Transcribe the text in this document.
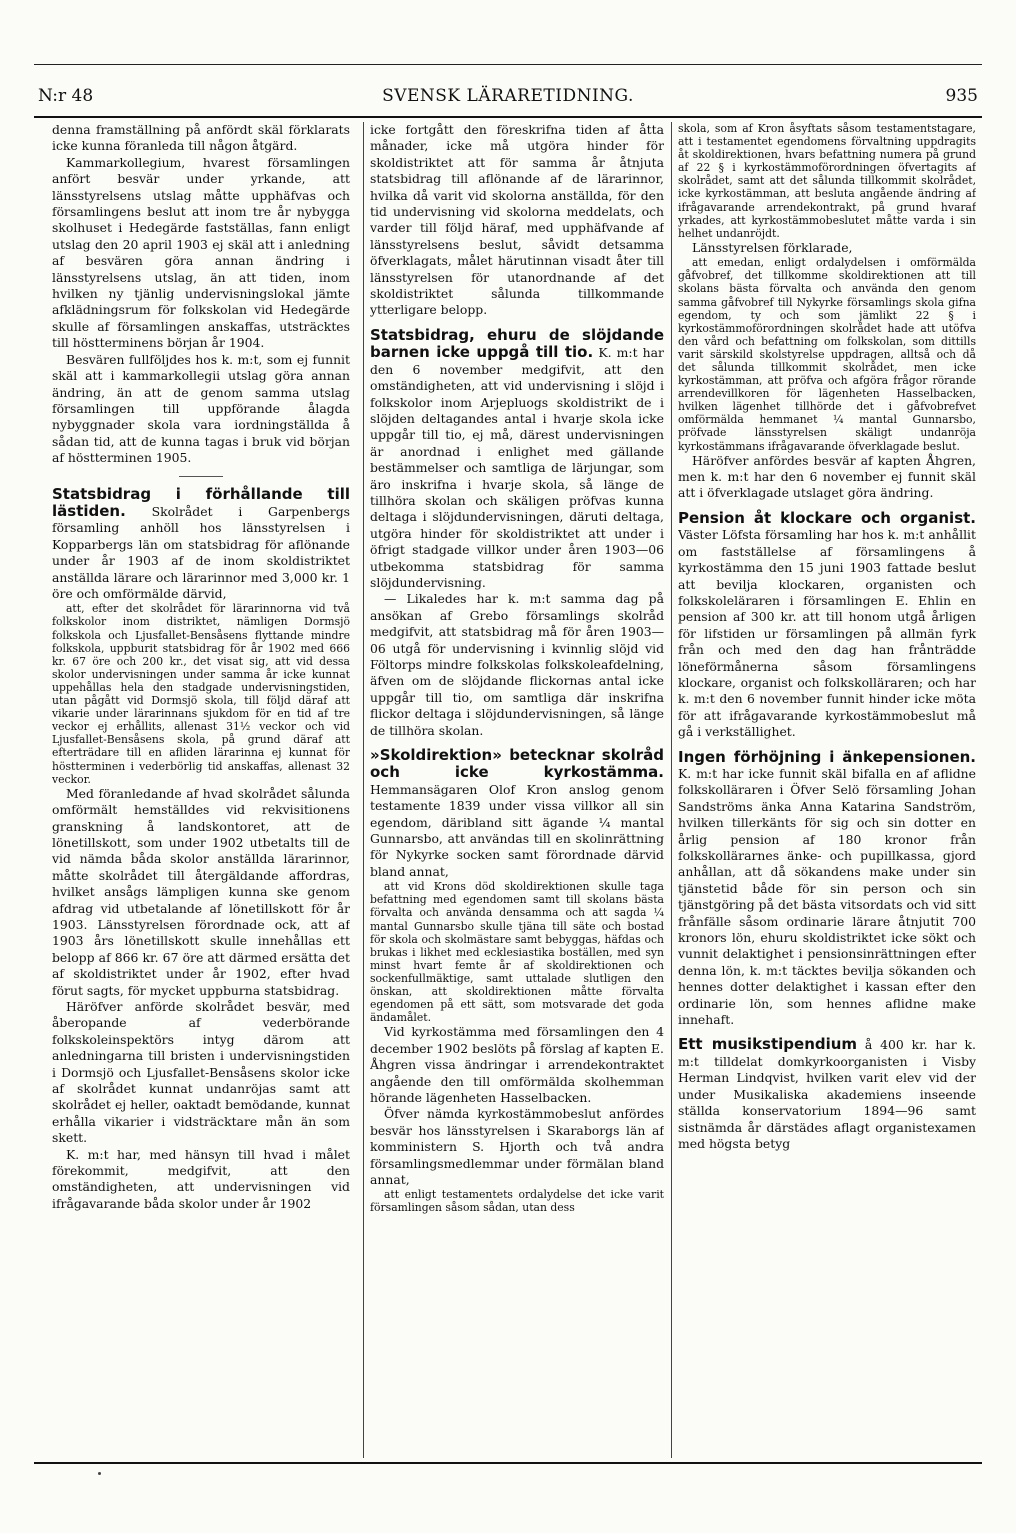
N:r 48	SVENSK LÄRARETIDNING.	935

denna framställning på anfördt skäl förklarats icke kunna föranleda till någon åtgärd.

Kammarkollegium, hvarest församlingen anfört besvär under yrkande, att länsstyrelsens utslag måtte upphäfvas och församlingens beslut att inom tre år nybygga skolhuset i Hedegärde fastställas, fann enligt utslag den 20 april 1903 ej skäl att i anledning af besvären göra annan ändring i länsstyrelsens utslag, än att tiden, inom hvilken ny tjänlig undervisningslokal jämte afklädningsrum för folkskolan vid Hedegärde skulle af församlingen anskaffas, utsträcktes till höstterminens början år 1904.

Besvären fullföljdes hos k. m:t, som ej funnit skäl att i kammarkollegii utslag göra annan ändring, än att de genom samma utslag församlingen till uppförande ålagda nybyggnader skola vara iordningställda å sådan tid, att de kunna tagas i bruk vid början af höstterminen 1905.

Statsbidrag i förhållande till lästiden. Skolrådet i Garpenbergs församling anhöll hos länsstyrelsen i Kopparbergs län om statsbidrag för aflönande under år 1903 af de inom skoldistriktet anställda lärare och lärarinnor med 3,000 kr. 1 öre och omförmälde därvid,

att, efter det skolrådet för lärarinnorna vid två folkskolor inom distriktet, nämligen Dormsjö folkskola och Ljusfallet-Bensåsens flyttande mindre folkskola, uppburit statsbidrag för år 1902 med 666 kr. 67 öre och 200 kr., det visat sig, att vid dessa skolor undervisningen under samma år icke kunnat uppehållas hela den stadgade undervisningstiden, utan pågått vid Dormsjö skola, till följd däraf att vikarie under lärarinnans sjukdom för en tid af tre veckor ej erhållits, allenast 31½ veckor och vid Ljusfallet-Bensåsens skola, på grund däraf att efterträdare till en afliden lärarinna ej kunnat för höstterminen i vederbörlig tid anskaffas, allenast 32 veckor.

Med föranledande af hvad skolrådet sålunda omförmält hemställdes vid rekvisitionens granskning å landskontoret, att de lönetillskott, som under 1902 utbetalts till de vid nämda båda skolor anställda lärarinnor, måtte skolrådet till återgäldande affordras, hvilket ansågs lämpligen kunna ske genom afdrag vid utbetalande af lönetillskott för år 1903. Länsstyrelsen förordnade ock, att af 1903 års lönetillskott skulle innehållas ett belopp af 866 kr. 67 öre att därmed ersätta det af skoldistriktet under år 1902, efter hvad förut sagts, för mycket uppburna statsbidrag.

Häröfver anförde skolrådet besvär, med åberopande af vederbörande folkskoleinspektörs intyg därom att anledningarna till bristen i undervisningstiden i Dormsjö och Ljusfallet-Bensåsens skolor icke af skolrådet kunnat undanröjas samt att skolrådet ej heller, oaktadt bemödande, kunnat erhålla vikarier i vidsträcktare mån än som skett.

K. m:t har, med hänsyn till hvad i målet förekommit, medgifvit, att den omständigheten, att undervisningen vid ifrågavarande båda skolor under år 1902

icke fortgått den föreskrifna tiden af åtta månader, icke må utgöra hinder för skoldistriktet att för samma år åtnjuta statsbidrag till aflönande af de lärarinnor, hvilka då varit vid skolorna anställda, för den tid undervisning vid skolorna meddelats, och varder till följd häraf, med upphäfvande af länsstyrelsens beslut, såvidt detsamma öfverklagats, målet härutinnan visadt åter till länsstyrelsen för utanordnande af det skoldistriktet sålunda tillkommande ytterligare belopp.

Statsbidrag, ehuru de slöjdande barnen icke uppgå till tio. K. m:t har den 6 november medgifvit, att den omständigheten, att vid undervisning i slöjd i folkskolor inom Arjepluogs skoldistrikt de i slöjden deltagandes antal i hvarje skola icke uppgår till tio, ej må, därest undervisningen är anordnad i enlighet med gällande bestämmelser och samtliga de lärjungar, som äro inskrifna i hvarje skola, så länge de tillhöra skolan och skäligen pröfvas kunna deltaga i slöjdundervisningen, däruti deltaga, utgöra hinder för skoldistriktet att under i öfrigt stadgade villkor under åren 1903—06 utbekomma statsbidrag för samma slöjdundervisning.

— Likaledes har k. m:t samma dag på ansökan af Grebo församlings skolråd medgifvit, att statsbidrag må för åren 1903—06 utgå för undervisning i kvinnlig slöjd vid Föltorps mindre folkskolas folkskoleafdelning, äfven om de slöjdande flickornas antal icke uppgår till tio, om samtliga där inskrifna flickor deltaga i slöjdundervisningen, så länge de tillhöra skolan.

»Skoldirektion» betecknar skolråd och icke kyrkostämma. Hemmansägaren Olof Kron anslog genom testamente 1839 under vissa villkor all sin egendom, däribland sitt ägande ¼ mantal Gunnarsbo, att användas till en skolinrättning för Nykyrke socken samt förordnade därvid bland annat,

att vid Krons död skoldirektionen skulle taga befattning med egendomen samt till skolans bästa förvalta och använda densamma och att sagda ¼ mantal Gunnarsbo skulle tjäna till säte och bostad för skola och skolmästare samt bebyggas, häfdas och brukas i likhet med ecklesiastika boställen, med syn minst hvart femte år af skoldirektionen och sockenfullmäktige, samt uttalade slutligen den önskan, att skoldirektionen måtte förvalta egendomen på ett sätt, som motsvarade det goda ändamålet.

Vid kyrkostämma med församlingen den 4 december 1902 beslöts på förslag af kapten E. Åhgren vissa ändringar i arrendekontraktet angående den till omförmälda skolhemman hörande lägenheten Hasselbacken.

Öfver nämda kyrkostämmobeslut anfördes besvär hos länsstyrelsen i Skaraborgs län af komministern S. Hjorth och två andra församlingsmedlemmar under förmälan bland annat,

att enligt testamentets ordalydelse det icke varit församlingen såsom sådan, utan dess

skola, som af Kron åsyftats såsom testamentstagare, att i testamentet egendomens förvaltning uppdragits åt skoldirektionen, hvars befattning numera på grund af 22 § i kyrkostämmoförordningen öfvertagits af skolrådet, samt att det sålunda tillkommit skolrådet, icke kyrkostämman, att besluta angående ändring af ifrågavarande arrendekontrakt, på grund hvaraf yrkades, att kyrkostämmobeslutet måtte varda i sin helhet undanröjdt.

Länsstyrelsen förklarade,

att emedan, enligt ordalydelsen i omförmälda gåfvobref, det tillkomme skoldirektionen att till skolans bästa förvalta och använda den genom samma gåfvobref till Nykyrke församlings skola gifna egendom, ty och som jämlikt 22 § i kyrkostämmoförordningen skolrådet hade att utöfva den vård och befattning om folkskolan, som dittills varit särskild skolstyrelse uppdragen, alltså och då det sålunda tillkommit skolrådet, men icke kyrkostämman, att pröfva och afgöra frågor rörande arrendevillkoren för lägenheten Hasselbacken, hvilken lägenhet tillhörde det i gåfvobrefvet omförmälda hemmanet ¼ mantal Gunnarsbo, pröfvade länsstyrelsen skäligt undanröja kyrkostämmans ifrågavarande öfverklagade beslut.

Häröfver anfördes besvär af kapten Åhgren, men k. m:t har den 6 november ej funnit skäl att i öfverklagade utslaget göra ändring.

Pension åt klockare och organist. Väster Löfsta församling har hos k. m:t anhållit om fastställelse af församlingens å kyrkostämma den 15 juni 1903 fattade beslut att bevilja klockaren, organisten och folkskoleläraren i församlingen E. Ehlin en pension af 300 kr. att till honom utgå årligen för lifstiden ur församlingen på allmän fyrk från och med den dag han frånträdde löneförmånerna såsom församlingens klockare, organist och folkskolläraren; och har k. m:t den 6 november funnit hinder icke möta för att ifrågavarande kyrkostämmobeslut må gå i verkställighet.

Ingen förhöjning i änkepensionen. K. m:t har icke funnit skäl bifalla en af aflidne folkskolläraren i Öfver Selö församling Johan Sandströms änka Anna Katarina Sandström, hvilken tillerkänts för sig och sin dotter en årlig pension af 180 kronor från folkskollärarnes änke- och pupillkassa, gjord anhållan, att då sökandens make under sin tjänstetid både för sin person och sin tjänstgöring på det bästa vitsordats och vid sitt frånfälle såsom ordinarie lärare åtnjutit 700 kronors lön, ehuru skoldistriktet icke sökt och vunnit delaktighet i pensionsinrättningen efter denna lön, k. m:t täcktes bevilja sökanden och hennes dotter delaktighet i kassan efter den ordinarie lön, som hennes aflidne make innehaft.

Ett musikstipendium å 400 kr. har k. m:t tilldelat domkyrkoorganisten i Visby Herman Lindqvist, hvilken varit elev vid der under Musikaliska akademiens inseende ställda konservatorium 1894—96 samt sistnämda år därstädes aflagt organistexamen med högsta betyg
